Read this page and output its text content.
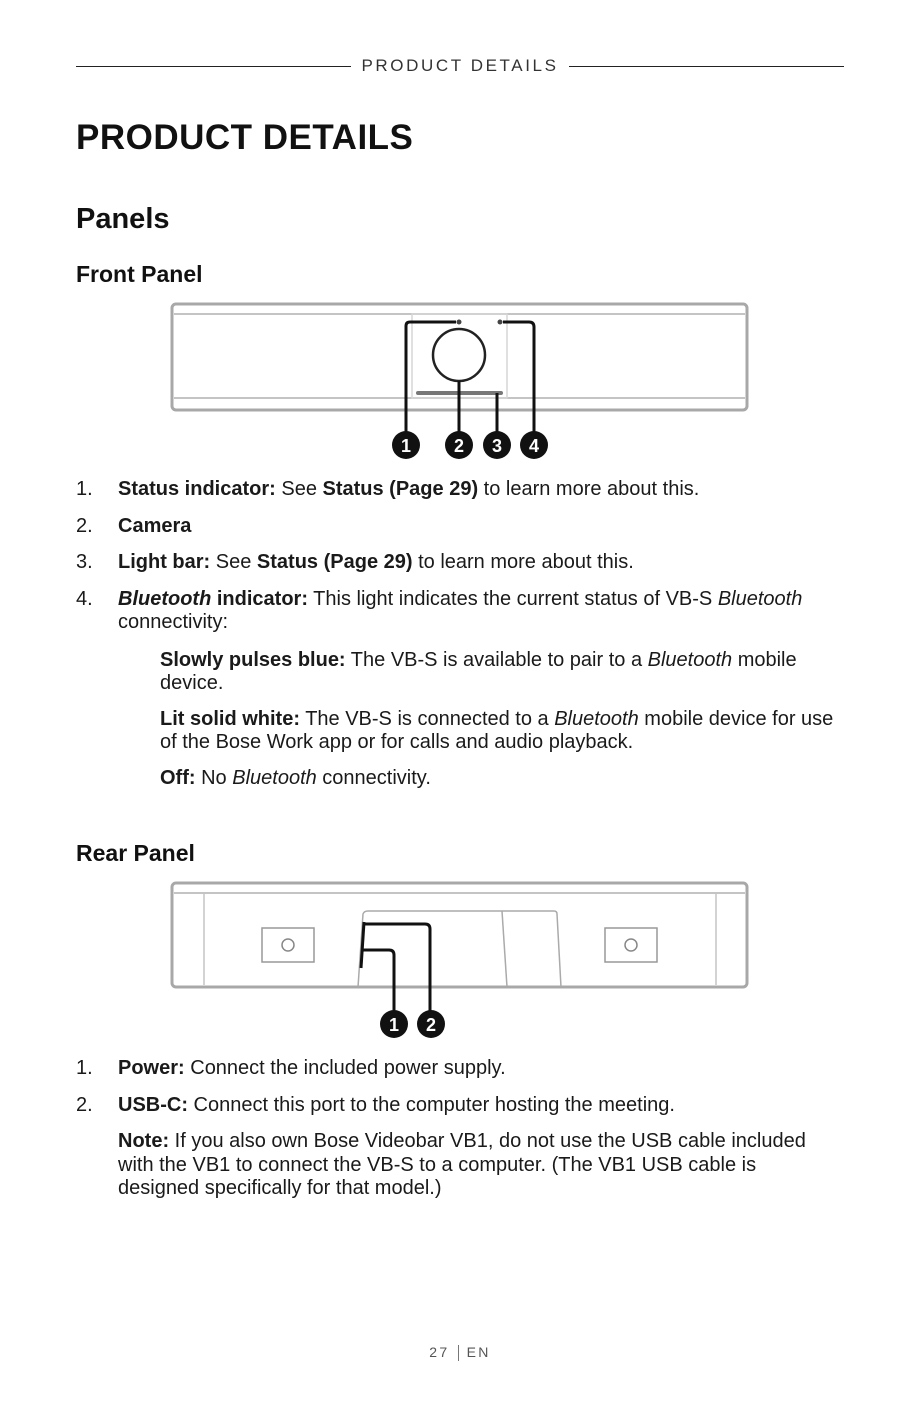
PRODUCT DETAILS
PRODUCT DETAILS
Panels
Front Panel
1 2 3 4
1. Status indicator: See Status (Page 29) to learn more about this.
2. Camera
3. Light bar: See Status (Page 29) to learn more about this.
4. Bluetooth indicator: This light indicates the current status of VB-S Bluetooth connectivity:
Slowly pulses blue: The VB-S is available to pair to a Bluetooth mobile device.
Lit solid white: The VB-S is connected to a Bluetooth mobile device for use of the Bose Work app or for calls and audio playback.
Off: No Bluetooth connectivity.
Rear Panel
1 2
1. Power: Connect the included power supply.
2. USB-C: Connect this port to the computer hosting the meeting.
Note: If you also own Bose Videobar VB1, do not use the USB cable included with the VB1 to connect the VB-S to a computer. (The VB1 USB cable is designed specifically for that model.)
27 EN
